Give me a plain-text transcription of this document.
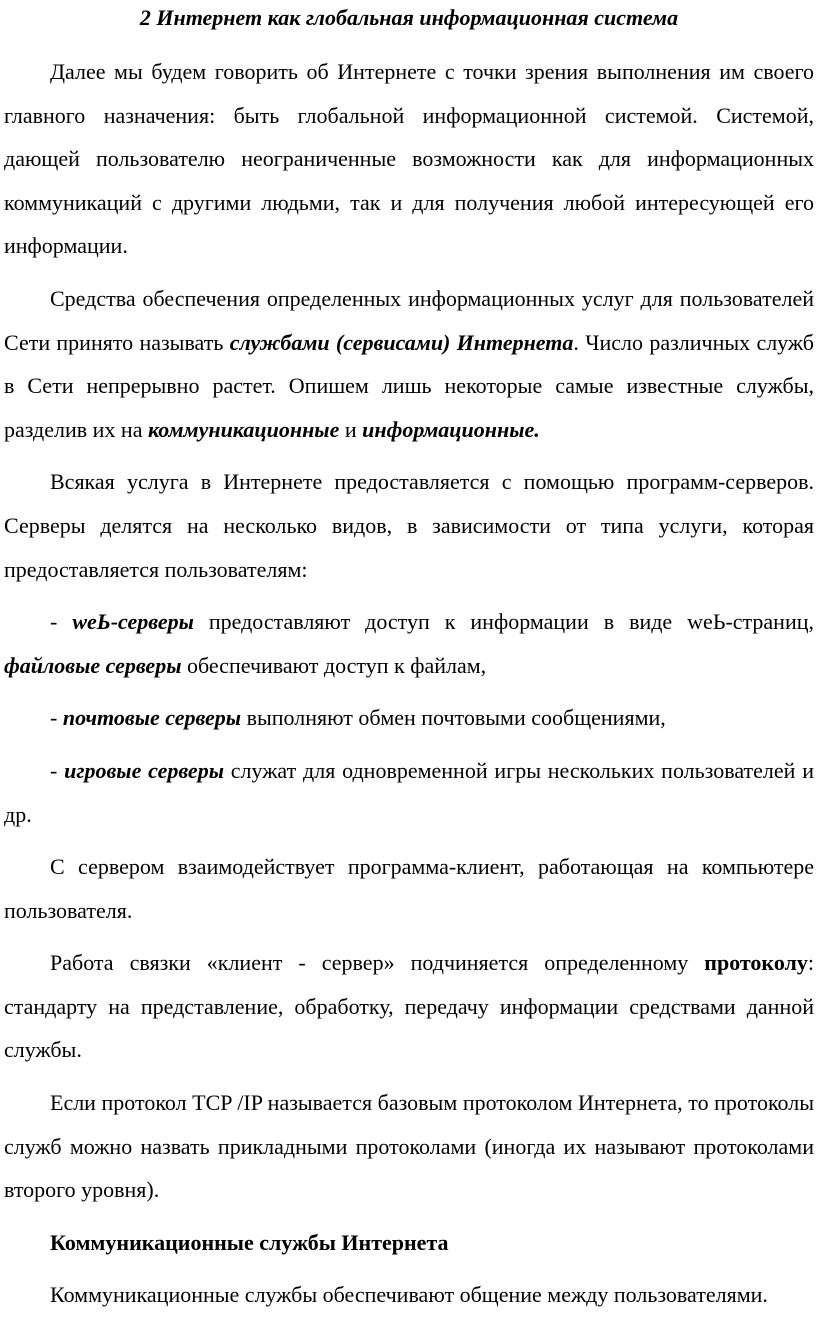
2 Интернет как глобальная информационная система

Далее мы будем говорить об Интернете с точки зрения выполнения им своего главного назначения: быть глобальной информационной системой. Системой, дающей пользователю неограниченные возможности как для информационных коммуникаций с другими людьми, так и для получения любой интересующей его информации.

Средства обеспечения определенных информационных услуг для пользователей Сети принято называть службами (сервисами) Интернета. Число различных служб в Сети непрерывно растет. Опишем лишь некоторые самые известные службы, разделив их на коммуникационные и информационные.

Всякая услуга в Интернете предоставляется с помощью программ-серверов. Серверы делятся на несколько видов, в зависимости от типа услуги, которая предоставляется пользователям:

- weЬ-серверы предоставляют доступ к информации в виде weЬ-страниц, файловые серверы обеспечивают доступ к файлам,

- почтовые серверы выполняют обмен почтовыми сообщениями,

- игровые серверы служат для одновременной игры нескольких пользователей и др.

С сервером взаимодействует программа-клиент, работающая на компьютере пользователя.

Работа связки «клиент - сервер» подчиняется определенному протоколу: стандарту на представление, обработку, передачу информации средствами данной службы.

Если протокол TCP /IP называется базовым протоколом Интернета, то протоколы служб можно назвать прикладными протоколами (иногда их называют протоколами второго уровня).

Коммуникационные службы Интернета

Коммуникационные службы обеспечивают общение между пользователями.
